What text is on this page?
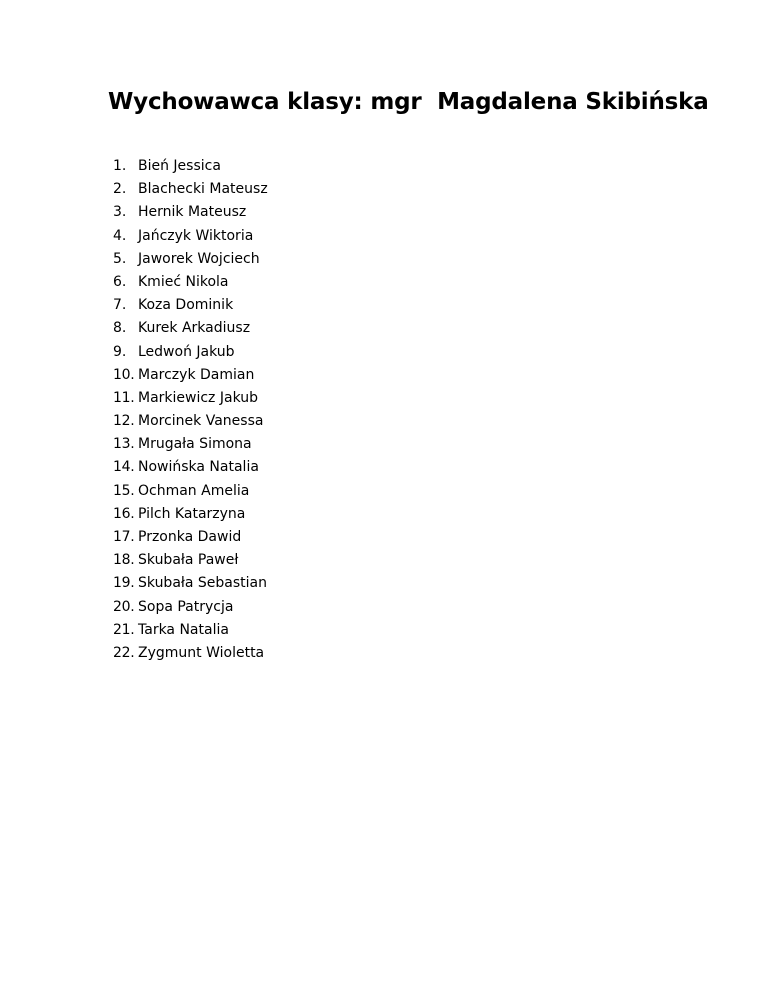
Wychowawca klasy: mgr  Magdalena Skibińska
1. Bień Jessica
2. Blachecki Mateusz
3. Hernik Mateusz
4. Jańczyk Wiktoria
5. Jaworek Wojciech
6. Kmieć Nikola
7. Koza Dominik
8. Kurek Arkadiusz
9. Ledwoń Jakub
10. Marczyk Damian
11. Markiewicz Jakub
12. Morcinek Vanessa
13. Mrugała Simona
14. Nowińska Natalia
15. Ochman Amelia
16. Pilch Katarzyna
17. Przonka Dawid
18. Skubała Paweł
19. Skubała Sebastian
20. Sopa Patrycja
21. Tarka Natalia
22. Zygmunt Wioletta
